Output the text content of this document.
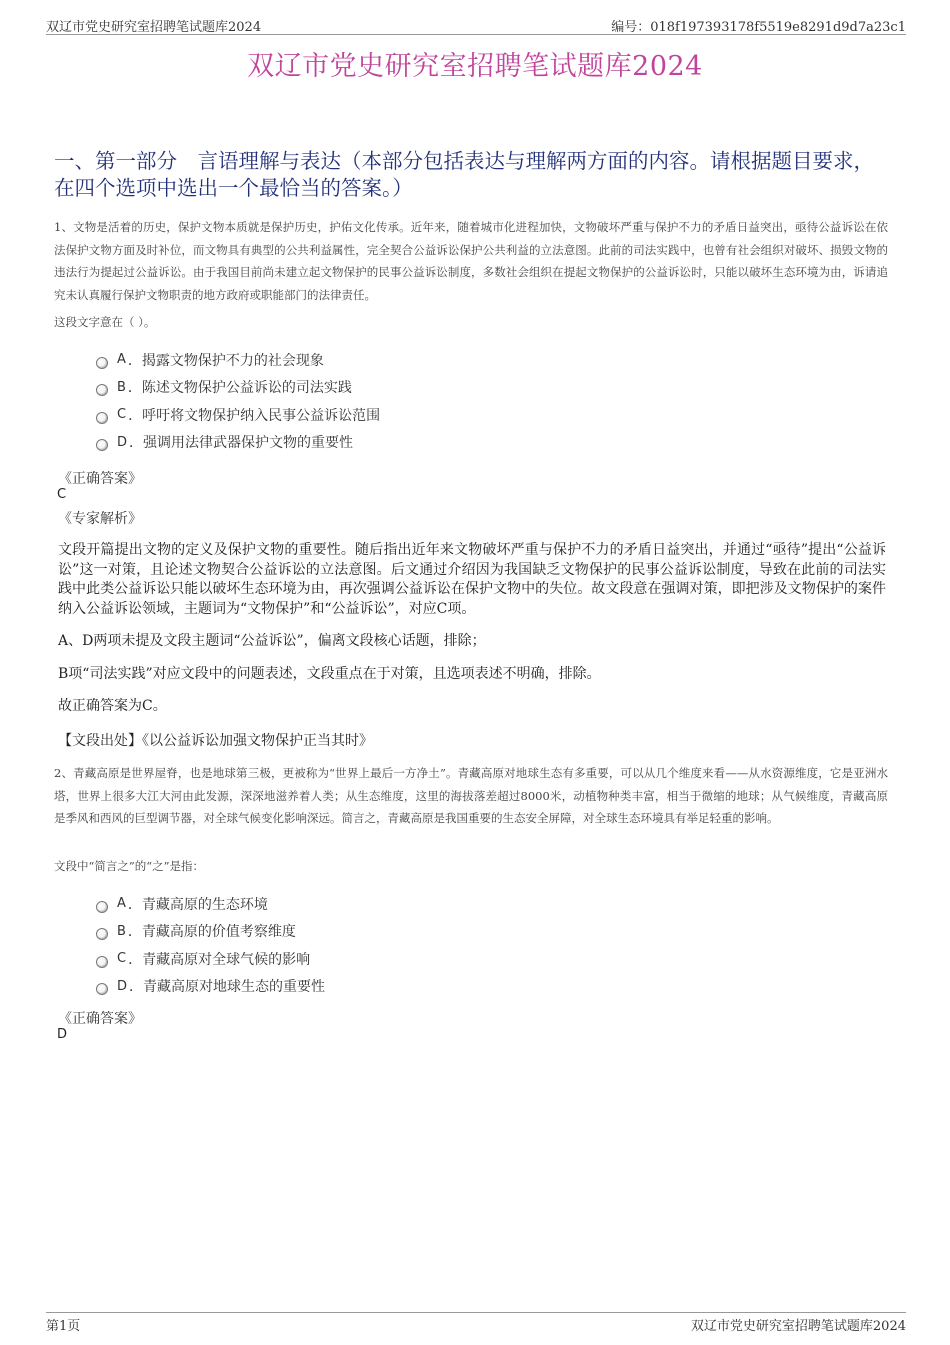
双辽市党史研究室招聘笔试题库2024	编号：018f197393178f5519e8291d9d7a23c1
双辽市党史研究室招聘笔试题库2024
一、第一部分　言语理解与表达（本部分包括表达与理解两方面的内容。请根据题目要求，在四个选项中选出一个最恰当的答案。）
1、文物是活着的历史，保护文物本质就是保护历史，护佑文化传承。近年来，随着城市化进程加快，文物破坏严重与保护不力的矛盾日益突出，亟待公益诉讼在依法保护文物方面及时补位，而文物具有典型的公共利益属性，完全契合公益诉讼保护公共利益的立法意图。此前的司法实践中，也曾有社会组织对破坏、损毁文物的违法行为提起过公益诉讼。由于我国目前尚未建立起文物保护的民事公益诉讼制度，多数社会组织在提起文物保护的公益诉讼时，只能以破坏生态环境为由，诉请追究未认真履行保护文物职责的地方政府或职能部门的法律责任。
这段文字意在（ ）。
A ．揭露文物保护不力的社会现象
B ．陈述文物保护公益诉讼的司法实践
C ．呼吁将文物保护纳入民事公益诉讼范围
D ．强调用法律武器保护文物的重要性
《正确答案》
C
《专家解析》

文段开篇提出文物的定义及保护文物的重要性。随后指出近年来文物破坏严重与保护不力的矛盾日益突出，并通过“亟待”提出“公益诉讼”这一对策，且论述文物契合公益诉讼的立法意图。后文通过介绍因为我国缺乏文物保护的民事公益诉讼制度，导致在此前的司法实践中此类公益诉讼只能以破坏生态环境为由，再次强调公益诉讼在保护文物中的失位。故文段意在强调对策，即把涉及文物保护的案件纳入公益诉讼领域，主题词为“文物保护”和“公益诉讼”，对应C项。

A、D两项未提及文段主题词“公益诉讼”，偏离文段核心话题，排除；

B项“司法实践”对应文段中的问题表述，文段重点在于对策，且选项表述不明确，排除。

故正确答案为C。

【文段出处】《以公益诉讼加强文物保护正当其时》
2、青藏高原是世界屋脊，也是地球第三极，更被称为“世界上最后一方净土”。青藏高原对地球生态有多重要，可以从几个维度来看——从水资源维度，它是亚洲水塔，世界上很多大江大河由此发源，深深地滋养着人类；从生态维度，这里的海拔落差超过8000米，动植物种类丰富，相当于微缩的地球；从气候维度，青藏高原是季风和西风的巨型调节器，对全球气候变化影响深远。简言之，青藏高原是我国重要的生态安全屏障，对全球生态环境具有举足轻重的影响。
文段中“简言之”的“之”是指：
A ．青藏高原的生态环境
B ．青藏高原的价值考察维度
C ．青藏高原对全球气候的影响
D ．青藏高原对地球生态的重要性
《正确答案》
D
第1页	双辽市党史研究室招聘笔试题库2024
